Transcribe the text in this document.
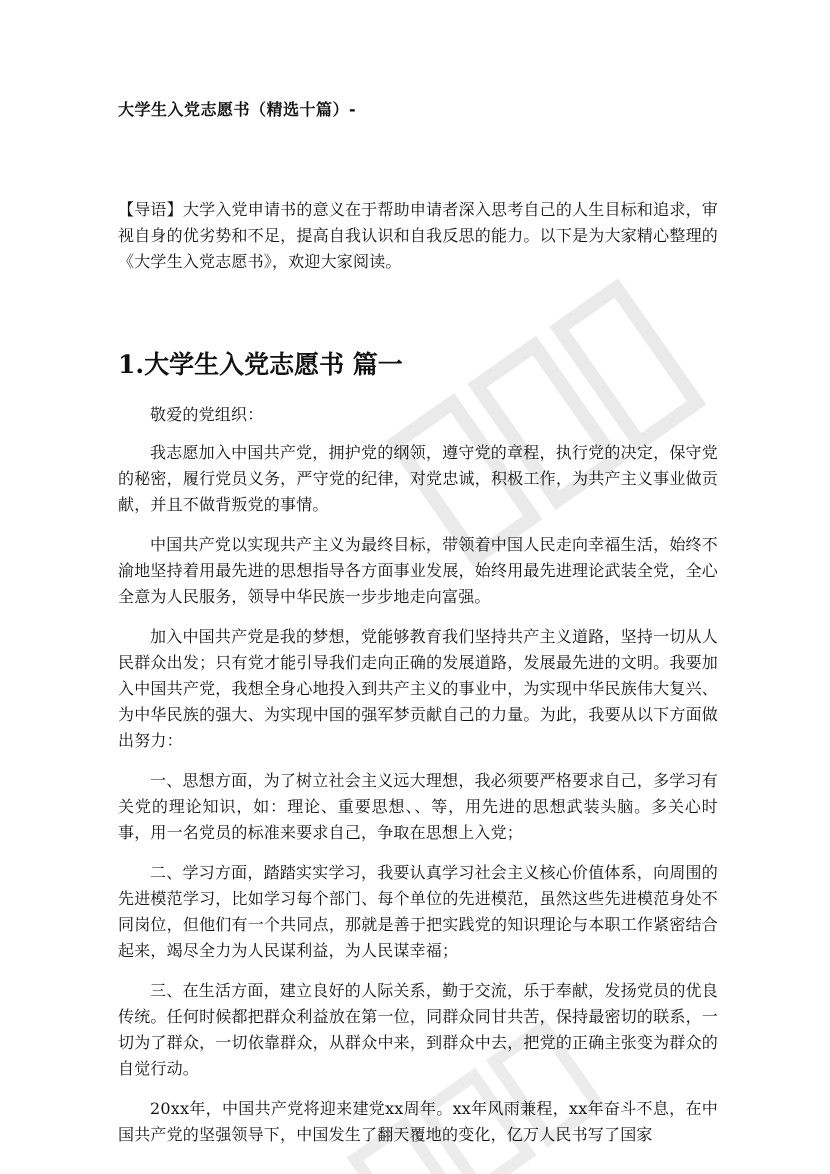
大学生入党志愿书（精选十篇）-

【导语】大学入党申请书的意义在于帮助申请者深入思考自己的人生目标和追求，审视自身的优劣势和不足，提高自我认识和自我反思的能力。以下是为大家精心整理的《大学生入党志愿书》，欢迎大家阅读。

1.大学生入党志愿书 篇一

敬爱的党组织：

我志愿加入中国共产党，拥护党的纲领，遵守党的章程，执行党的决定，保守党的秘密，履行党员义务，严守党的纪律，对党忠诚，积极工作，为共产主义事业做贡献，并且不做背叛党的事情。

中国共产党以实现共产主义为最终目标，带领着中国人民走向幸福生活，始终不渝地坚持着用最先进的思想指导各方面事业发展，始终用最先进理论武装全党，全心全意为人民服务，领导中华民族一步步地走向富强。

加入中国共产党是我的梦想，党能够教育我们坚持共产主义道路，坚持一切从人民群众出发；只有党才能引导我们走向正确的发展道路，发展最先进的文明。我要加入中国共产党，我想全身心地投入到共产主义的事业中，为实现中华民族伟大复兴、为中华民族的强大、为实现中国的强军梦贡献自己的力量。为此，我要从以下方面做出努力：

一、思想方面，为了树立社会主义远大理想，我必须要严格要求自己，多学习有关党的理论知识，如：理论、重要思想、、等，用先进的思想武装头脑。多关心时事，用一名党员的标准来要求自己，争取在思想上入党；

二、学习方面，踏踏实实学习，我要认真学习社会主义核心价值体系，向周围的先进模范学习，比如学习每个部门、每个单位的先进模范，虽然这些先进模范身处不同岗位，但他们有一个共同点，那就是善于把实践党的知识理论与本职工作紧密结合起来，竭尽全力为人民谋利益，为人民谋幸福；

三、在生活方面，建立良好的人际关系，勤于交流，乐于奉献，发扬党员的优良传统。任何时候都把群众利益放在第一位，同群众同甘共苦，保持最密切的联系，一切为了群众，一切依靠群众，从群众中来，到群众中去，把党的正确主张变为群众的自觉行动。

20xx年，中国共产党将迎来建党xx周年。xx年风雨兼程，xx年奋斗不息，在中国共产党的坚强领导下，中国发生了翻天覆地的变化，亿万人民书写了国家
